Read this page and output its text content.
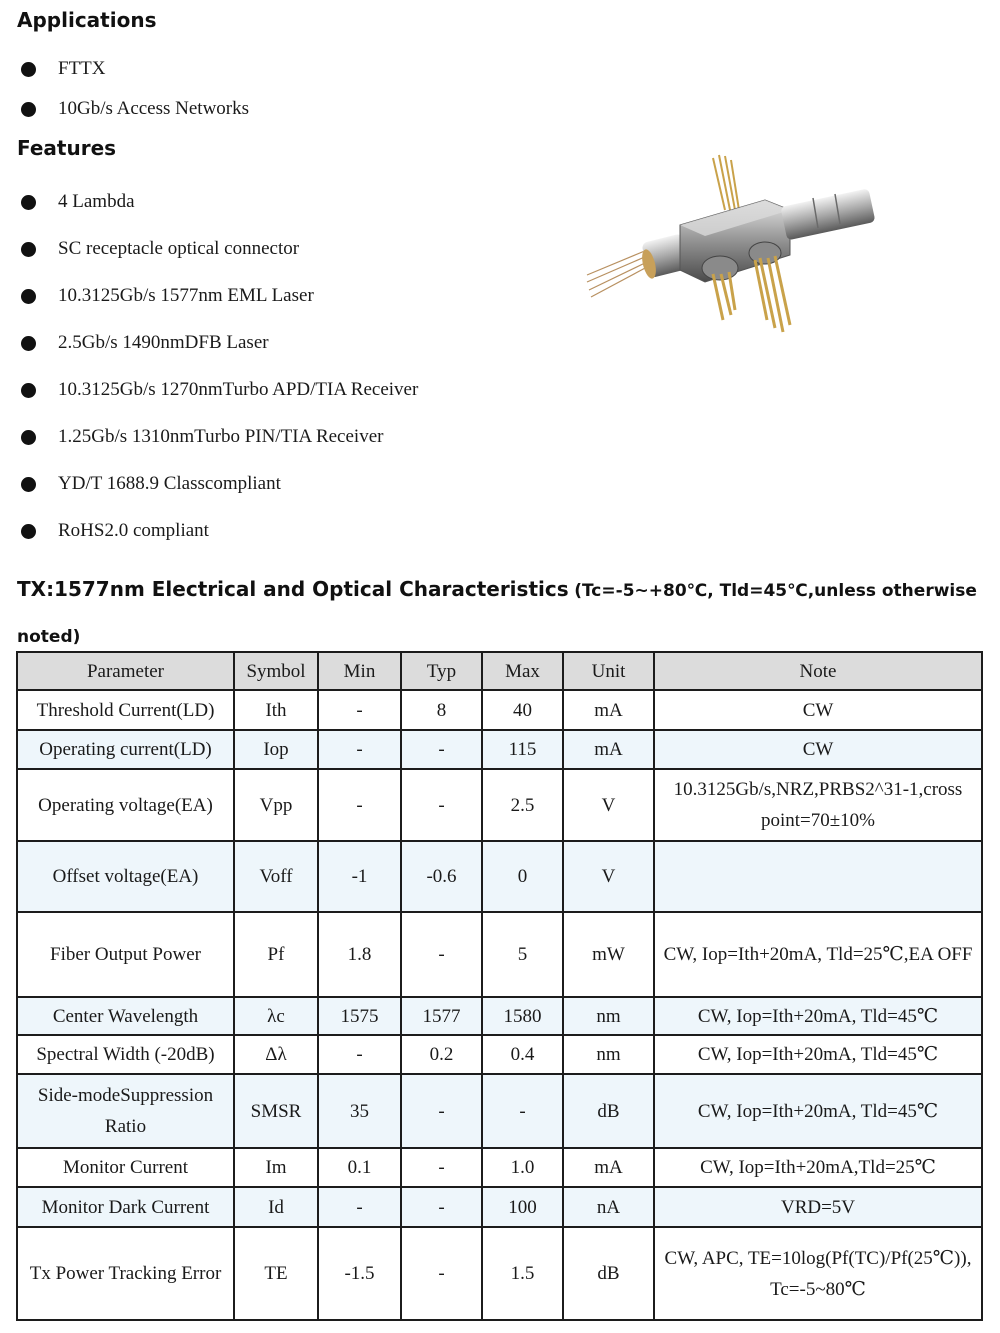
Applications
FTTX
10Gb/s Access Networks
Features
4 Lambda
SC receptacle optical connector
10.3125Gb/s 1577nm EML Laser
2.5Gb/s 1490nmDFB Laser
10.3125Gb/s 1270nmTurbo APD/TIA Receiver
1.25Gb/s 1310nmTurbo PIN/TIA Receiver
YD/T 1688.9 Classcompliant
RoHS2.0 compliant
TX:1577nm Electrical and Optical Characteristics (Tc=-5~+80℃, Tld=45℃,unless otherwise noted)
Parameter	Symbol	Min	Typ	Max	Unit	Note
Threshold Current(LD)	Ith	-	8	40	mA	CW
Operating current(LD)	Iop	-	-	115	mA	CW
Operating voltage(EA)	Vpp	-	-	2.5	V	10.3125Gb/s,NRZ,PRBS2^31-1,cross point=70±10%
Offset voltage(EA)	Voff	-1	-0.6	0	V	
Fiber Output Power	Pf	1.8	-	5	mW	CW, Iop=Ith+20mA, Tld=25℃,EA OFF
Center Wavelength	λc	1575	1577	1580	nm	CW, Iop=Ith+20mA, Tld=45℃
Spectral Width (-20dB)	Δλ	-	0.2	0.4	nm	CW, Iop=Ith+20mA, Tld=45℃
Side-modeSuppression Ratio	SMSR	35	-	-	dB	CW, Iop=Ith+20mA, Tld=45℃
Monitor Current	Im	0.1	-	1.0	mA	CW, Iop=Ith+20mA,Tld=25℃
Monitor Dark Current	Id	-	-	100	nA	VRD=5V
Tx Power Tracking Error	TE	-1.5	-	1.5	dB	CW, APC, TE=10log(Pf(TC)/Pf(25℃)), Tc=-5~80℃
